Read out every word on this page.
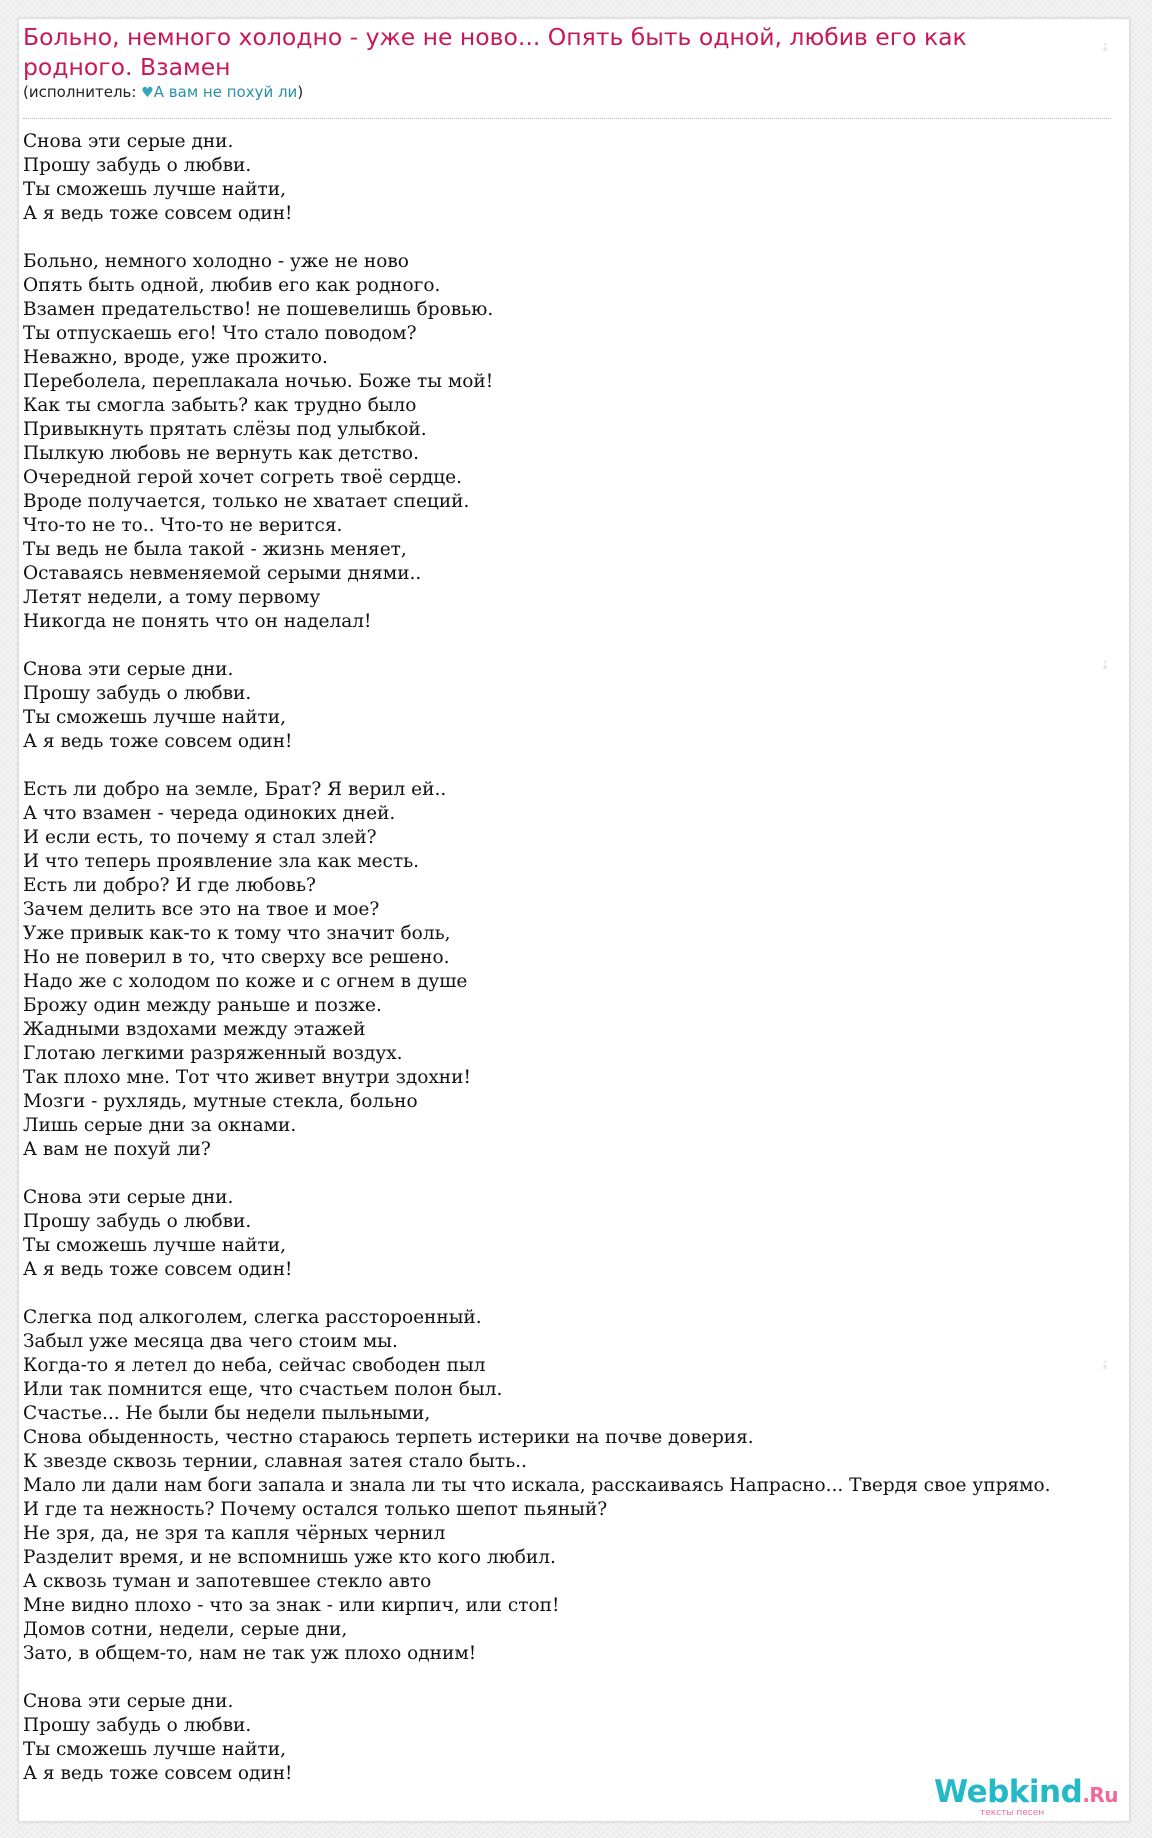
➶
➶
➶
Больно, немного холодно - уже не ново... Опять быть одной, любив его как родного. Взамен
(исполнитель: ♥А вам не похуй ли)
Снова эти серые дни.
Прошу забудь о любви.
Ты сможешь лучше найти,
А я ведь тоже совсем один!

Больно, немного холодно - уже не ново
Опять быть одной, любив его как родного.
Взамен предательство! не пошевелишь бровью.
Ты отпускаешь его! Что стало поводом?
Неважно, вроде, уже прожито.
Переболела, переплакала ночью. Боже ты мой!
Как ты смогла забыть? как трудно было
Привыкнуть прятать слёзы под улыбкой.
Пылкую любовь не вернуть как детство.
Очередной герой хочет согреть твоё сердце.
Вроде получается, только не хватает специй.
Что-то не то.. Что-то не верится.
Ты ведь не была такой - жизнь меняет,
Оставаясь невменяемой серыми днями..
Летят недели, а тому первому
Никогда не понять что он наделал!

Снова эти серые дни.
Прошу забудь о любви.
Ты сможешь лучше найти,
А я ведь тоже совсем один!

Есть ли добро на земле, Брат? Я верил ей..
А что взамен - череда одиноких дней.
И если есть, то почему я стал злей?
И что теперь проявление зла как месть.
Есть ли добро? И где любовь?
Зачем делить все это на твое и мое?
Уже привык как-то к тому что значит боль,
Но не поверил в то, что сверху все решено.
Надо же с холодом по коже и с огнем в душе
Брожу один между раньше и позже.
Жадными вздохами между этажей
Глотаю легкими разряженный воздух.
Так плохо мне. Тот что живет внутри здохни!
Мозги - рухлядь, мутные стекла, больно
Лишь серые дни за окнами.
А вам не похуй ли?

Снова эти серые дни.
Прошу забудь о любви.
Ты сможешь лучше найти,
А я ведь тоже совсем один!

Слегка под алкоголем, слегка расстороенный.
Забыл уже месяца два чего стоим мы.
Когда-то я летел до неба, сейчас свободен пыл
Или так помнится еще, что счастьем полон был.
Счастье... Не были бы недели пыльными,
Снова обыденность, честно стараюсь терпеть истерики на почве доверия.
К звезде сквозь тернии, славная затея стало быть..
Мало ли дали нам боги запала и знала ли ты что искала, расскаиваясь Напрасно... Твердя свое упрямо.
И где та нежность? Почему остался только шепот пьяный?
Не зря, да, не зря та капля чёрных чернил
Разделит время, и не вспомнишь уже кто кого любил.
А сквозь туман и запотевшее стекло авто
Мне видно плохо - что за знак - или кирпич, или стоп!
Домов сотни, недели, серые дни,
Зато, в общем-то, нам не так уж плохо одним!

Снова эти серые дни.
Прошу забудь о любви.
Ты сможешь лучше найти,
А я ведь тоже совсем один!
Webkind.Ru
тексты песен
